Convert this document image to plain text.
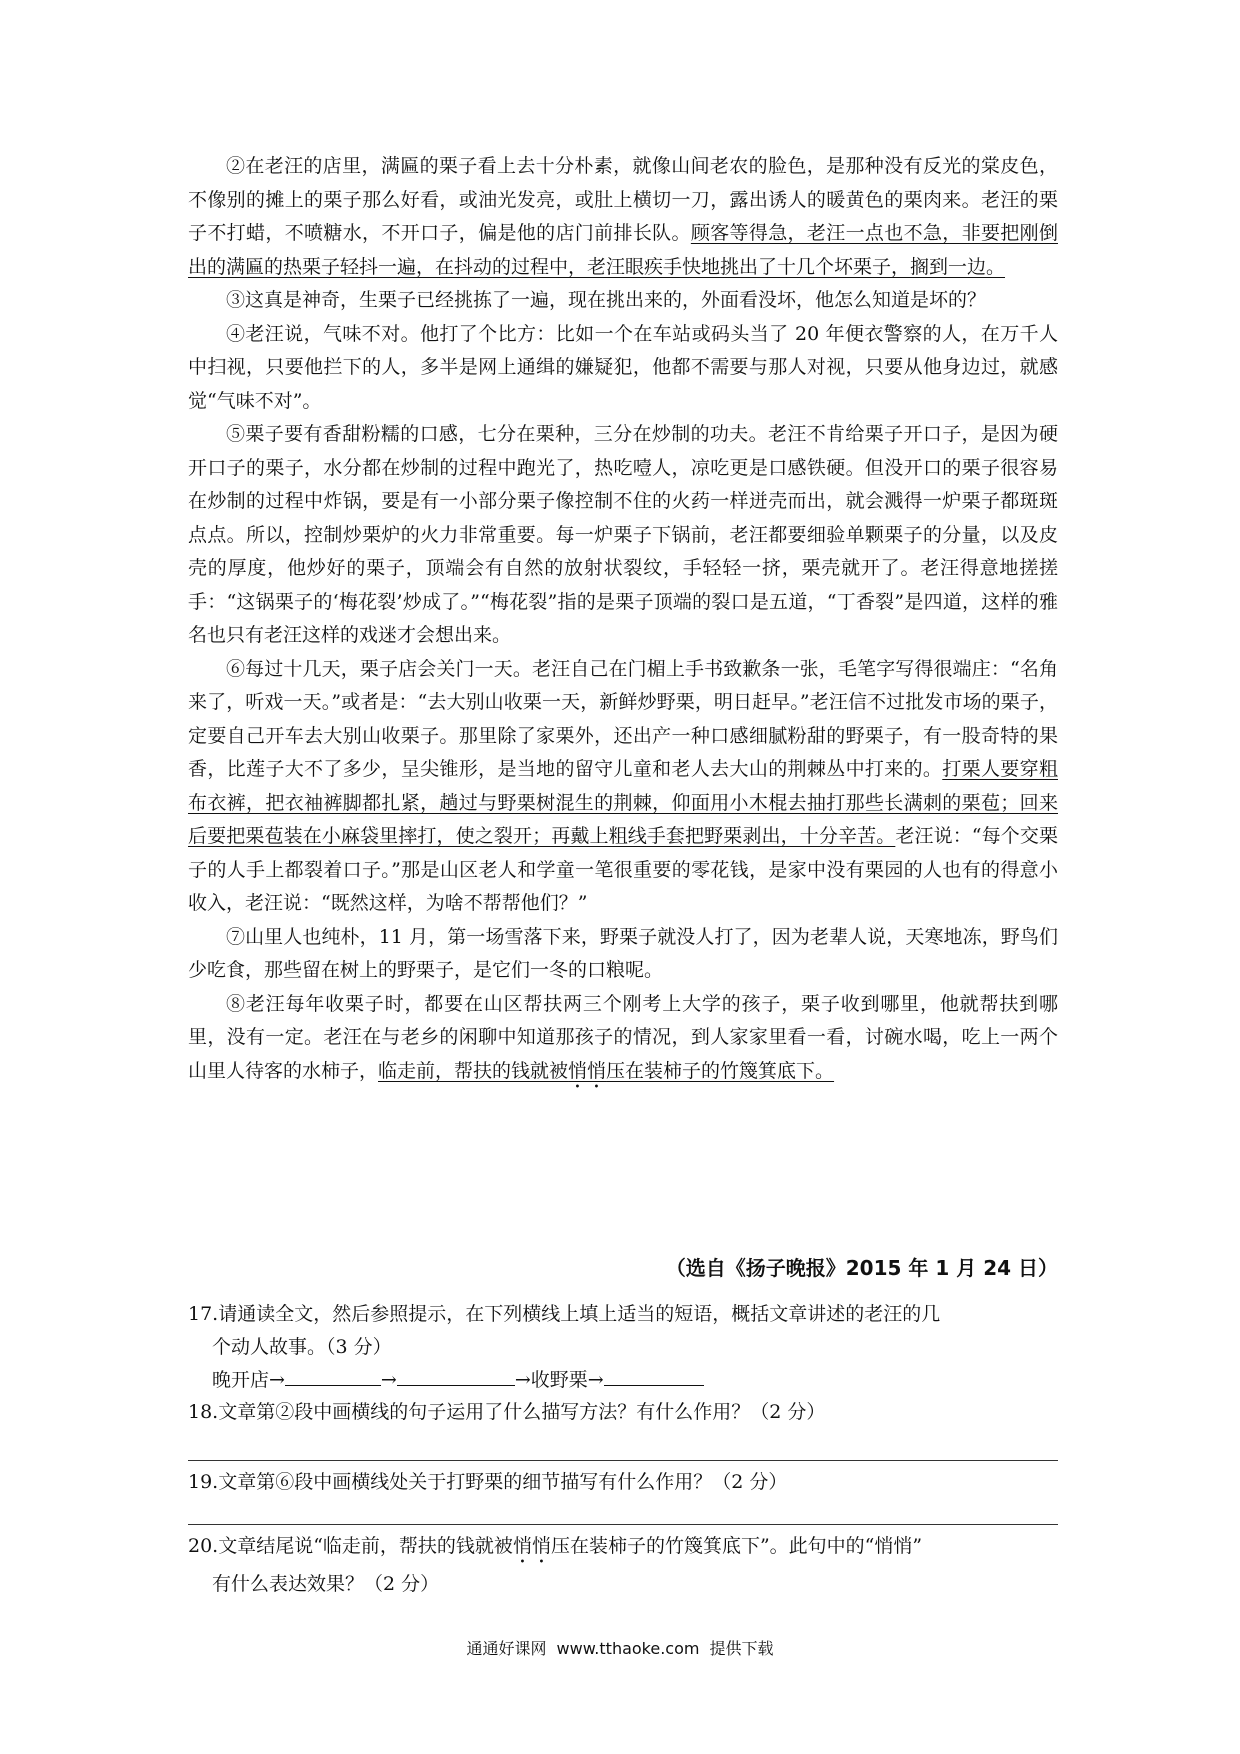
②在老汪的店里，满匾的栗子看上去十分朴素，就像山间老农的脸色，是那种没有反光的棠皮色，不像别的摊上的栗子那么好看，或油光发亮，或肚上横切一刀，露出诱人的暖黄色的栗肉来。老汪的栗子不打蜡，不喷糖水，不开口子，偏是他的店门前排长队。顾客等得急，老汪一点也不急，非要把刚倒出的满匾的热栗子轻抖一遍，在抖动的过程中，老汪眼疾手快地挑出了十几个坏栗子，搁到一边。

③这真是神奇，生栗子已经挑拣了一遍，现在挑出来的，外面看没坏，他怎么知道是坏的？

④老汪说，气味不对。他打了个比方：比如一个在车站或码头当了 20 年便衣警察的人，在万千人中扫视，只要他拦下的人，多半是网上通缉的嫌疑犯，他都不需要与那人对视，只要从他身边过，就感觉“气味不对”。

⑤栗子要有香甜粉糯的口感，七分在栗种，三分在炒制的功夫。老汪不肯给栗子开口子，是因为硬开口子的栗子，水分都在炒制的过程中跑光了，热吃噎人，凉吃更是口感铁硬。但没开口的栗子很容易在炒制的过程中炸锅，要是有一小部分栗子像控制不住的火药一样迸壳而出，就会溅得一炉栗子都斑斑点点。所以，控制炒栗炉的火力非常重要。每一炉栗子下锅前，老汪都要细验单颗栗子的分量，以及皮壳的厚度，他炒好的栗子，顶端会有自然的放射状裂纹，手轻轻一挤，栗壳就开了。老汪得意地搓搓手：“这锅栗子的‘梅花裂’炒成了。”“梅花裂”指的是栗子顶端的裂口是五道，“丁香裂”是四道，这样的雅名也只有老汪这样的戏迷才会想出来。

⑥每过十几天，栗子店会关门一天。老汪自己在门楣上手书致歉条一张，毛笔字写得很端庄：“名角来了，听戏一天。”或者是：“去大别山收栗一天，新鲜炒野栗，明日赶早。”老汪信不过批发市场的栗子，定要自己开车去大别山收栗子。那里除了家栗外，还出产一种口感细腻粉甜的野栗子，有一股奇特的果香，比莲子大不了多少，呈尖锥形，是当地的留守儿童和老人去大山的荆棘丛中打来的。打栗人要穿粗布衣裤，把衣袖裤脚都扎紧，趟过与野栗树混生的荆棘，仰面用小木棍去抽打那些长满刺的栗苞；回来后要把栗苞装在小麻袋里摔打，使之裂开；再戴上粗线手套把野栗剥出，十分辛苦。老汪说：“每个交栗子的人手上都裂着口子。”那是山区老人和学童一笔很重要的零花钱，是家中没有栗园的人也有的得意小收入，老汪说：“既然这样，为啥不帮帮他们？”

⑦山里人也纯朴，11 月，第一场雪落下来，野栗子就没人打了，因为老辈人说，天寒地冻，野鸟们少吃食，那些留在树上的野栗子，是它们一冬的口粮呢。

⑧老汪每年收栗子时，都要在山区帮扶两三个刚考上大学的孩子，栗子收到哪里，他就帮扶到哪里，没有一定。老汪在与老乡的闲聊中知道那孩子的情况，到人家家里看一看，讨碗水喝，吃上一两个山里人待客的水柿子，临走前，帮扶的钱就被悄悄压在装柿子的竹篾箕底下。

（选自《扬子晚报》2015 年 1 月 24 日）

17.请通读全文，然后参照提示，在下列横线上填上适当的短语，概括文章讲述的老汪的几

个动人故事。（3 分）

晚开店→	→	→收野栗→

18.文章第②段中画横线的句子运用了什么描写方法？有什么作用？（2 分）
19.文章第⑥段中画横线处关于打野栗的细节描写有什么作用？（2 分）

20.文章结尾说“临走前，帮扶的钱就被悄悄压在装柿子的竹篾箕底下”。此句中的“悄悄”

有什么表达效果？（2 分）

通通好课网 www.tthaoke.com 提供下载
